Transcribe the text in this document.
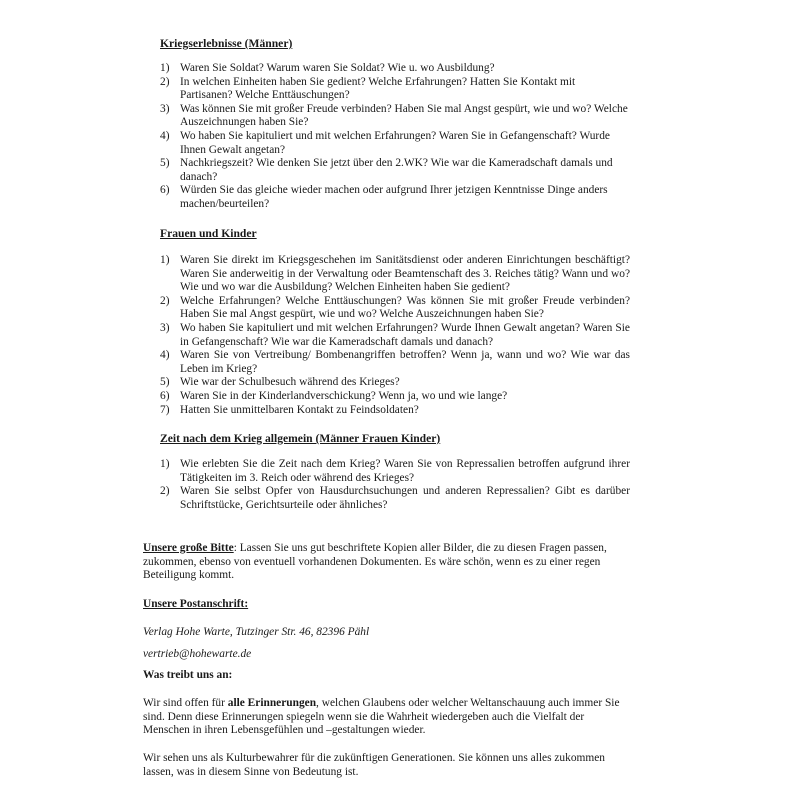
Kriegserlebnisse (Männer)
1) Waren Sie Soldat? Warum waren Sie Soldat? Wie u. wo Ausbildung?
2) In welchen Einheiten haben Sie gedient? Welche Erfahrungen? Hatten Sie Kontakt mit Partisanen? Welche Enttäuschungen?
3) Was können Sie mit großer Freude verbinden? Haben Sie mal Angst gespürt, wie und wo? Welche Auszeichnungen haben Sie?
4) Wo haben Sie kapituliert und mit welchen Erfahrungen? Waren Sie in Gefangenschaft? Wurde Ihnen Gewalt angetan?
5) Nachkriegszeit? Wie denken Sie jetzt über den 2.WK? Wie war die Kameradschaft damals und danach?
6) Würden Sie das gleiche wieder machen oder aufgrund Ihrer jetzigen Kenntnisse Dinge anders machen/beurteilen?
Frauen und Kinder
1) Waren Sie direkt im Kriegsgeschehen im Sanitätsdienst oder anderen Einrichtungen beschäftigt? Waren Sie anderweitig in der Verwaltung oder Beamtenschaft des 3. Reiches tätig? Wann und wo? Wie und wo war die Ausbildung? Welchen Einheiten haben Sie gedient?
2) Welche Erfahrungen? Welche Enttäuschungen? Was können Sie mit großer Freude verbinden? Haben Sie mal Angst gespürt, wie und wo? Welche Auszeichnungen haben Sie?
3) Wo haben Sie kapituliert und mit welchen Erfahrungen? Wurde Ihnen Gewalt angetan? Waren Sie in Gefangenschaft? Wie war die Kameradschaft damals und danach?
4) Waren Sie von Vertreibung/ Bombenangriffen betroffen? Wenn ja, wann und wo? Wie war das Leben im Krieg?
5) Wie war der Schulbesuch während des Krieges?
6) Waren Sie in der Kinderlandverschickung? Wenn ja, wo und wie lange?
7) Hatten Sie unmittelbaren Kontakt zu Feindsoldaten?
Zeit nach dem Krieg allgemein (Männer Frauen Kinder)
1) Wie erlebten Sie die Zeit nach dem Krieg? Waren Sie von Repressalien betroffen aufgrund ihrer Tätigkeiten im 3. Reich oder während des Krieges?
2) Waren Sie selbst Opfer von Hausdurchsuchungen und anderen Repressalien? Gibt es darüber Schriftstücke, Gerichtsurteile oder ähnliches?
Unsere große Bitte: Lassen Sie uns gut beschriftete Kopien aller Bilder, die zu diesen Fragen passen, zukommen, ebenso von eventuell vorhandenen Dokumenten. Es wäre schön, wenn es zu einer regen Beteiligung kommt.
Unsere Postanschrift:
Verlag Hohe Warte, Tutzinger Str. 46, 82396 Pähl
vertrieb@hohewarte.de
Was treibt uns an:
Wir sind offen für alle Erinnerungen, welchen Glaubens oder welcher Weltanschauung auch immer Sie sind. Denn diese Erinnerungen spiegeln wenn sie die Wahrheit wiedergeben auch die Vielfalt der Menschen in ihren Lebensgefühlen und –gestaltungen wieder.
Wir sehen uns als Kulturbewahrer für die zukünftigen Generationen. Sie können uns alles zukommen lassen, was in diesem Sinne von Bedeutung ist.
